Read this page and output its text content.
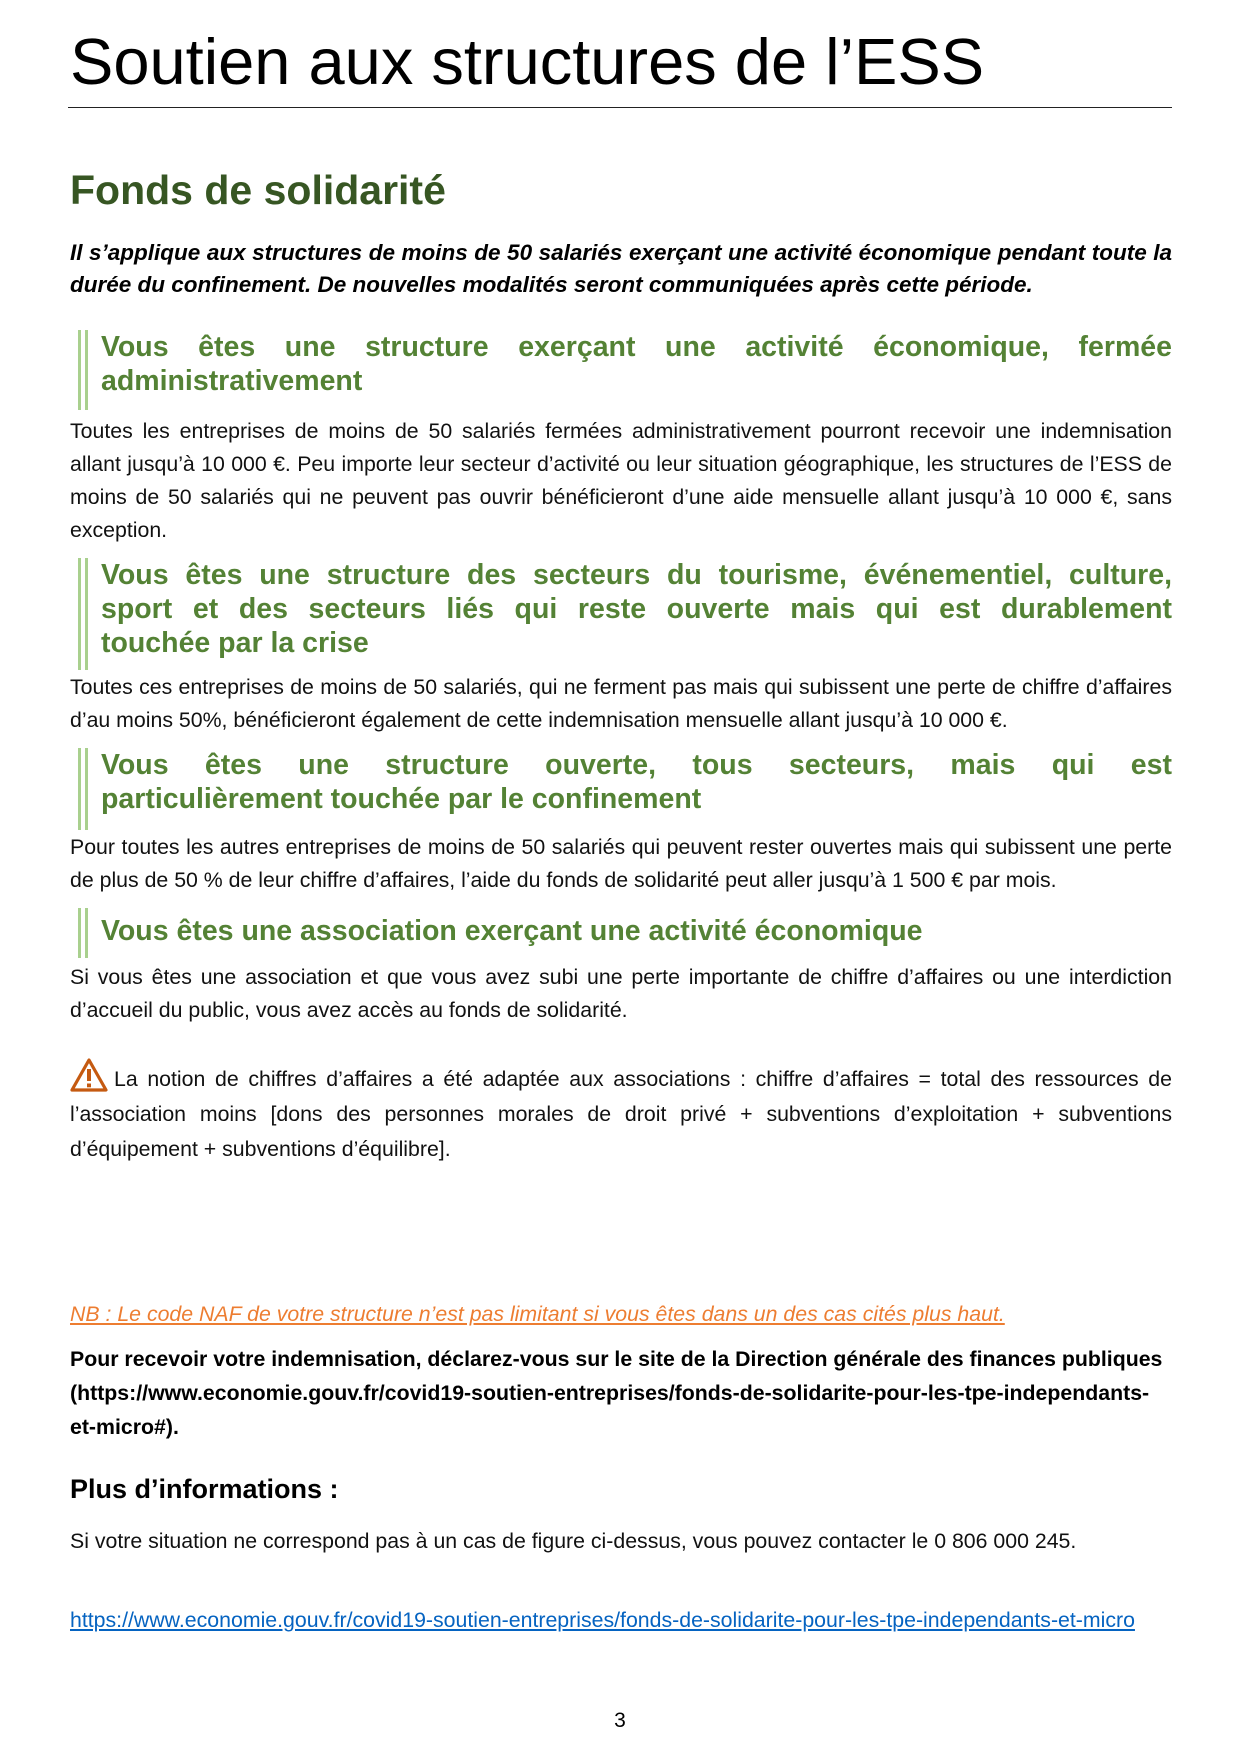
Soutien aux structures de l’ESS
Fonds de solidarité

Il s’applique aux structures de moins de 50 salariés exerçant une activité économique pendant toute la durée du confinement. De nouvelles modalités seront communiquées après cette période.

Vous êtes une structure exerçant une activité économique, fermée
administrativement

Toutes les entreprises de moins de 50 salariés fermées administrativement pourront recevoir une indemnisation allant jusqu’à 10 000 €. Peu importe leur secteur d’activité ou leur situation géographique, les structures de l’ESS de moins de 50 salariés qui ne peuvent pas ouvrir bénéficieront d’une aide mensuelle allant jusqu’à 10 000 €, sans exception.

Vous êtes une structure des secteurs du tourisme, événementiel, culture,
sport et des secteurs liés qui reste ouverte mais qui est durablement
touchée par la crise

Toutes ces entreprises de moins de 50 salariés, qui ne ferment pas mais qui subissent une perte de chiffre d’affaires d’au moins 50%, bénéficieront également de cette indemnisation mensuelle allant jusqu’à 10 000 €.

Vous êtes une structure ouverte, tous secteurs, mais qui est
particulièrement touchée par le confinement

Pour toutes les autres entreprises de moins de 50 salariés qui peuvent rester ouvertes mais qui subissent une perte de plus de 50 % de leur chiffre d’affaires, l’aide du fonds de solidarité peut aller jusqu’à 1 500 € par mois.

Vous êtes une association exerçant une activité économique

Si vous êtes une association et que vous avez subi une perte importante de chiffre d’affaires ou une interdiction d’accueil du public, vous avez accès au fonds de solidarité.

La notion de chiffres d’affaires a été adaptée aux associations : chiffre d’affaires = total des ressources de l’association moins [dons des personnes morales de droit privé + subventions d’exploitation + subventions d’équipement + subventions d’équilibre].

NB : Le code NAF de votre structure n’est pas limitant si vous êtes dans un des cas cités plus haut.

Pour recevoir votre indemnisation, déclarez-vous sur le site de la Direction générale des finances publiques (https://www.economie.gouv.fr/covid19-soutien-entreprises/fonds-de-solidarite-pour-les-tpe-independants-et-micro#).

Plus d’informations :

Si votre situation ne correspond pas à un cas de figure ci-dessus, vous pouvez contacter le 0 806 000 245.

https://www.economie.gouv.fr/covid19-soutien-entreprises/fonds-de-solidarite-pour-les-tpe-independants-et-micro
3
